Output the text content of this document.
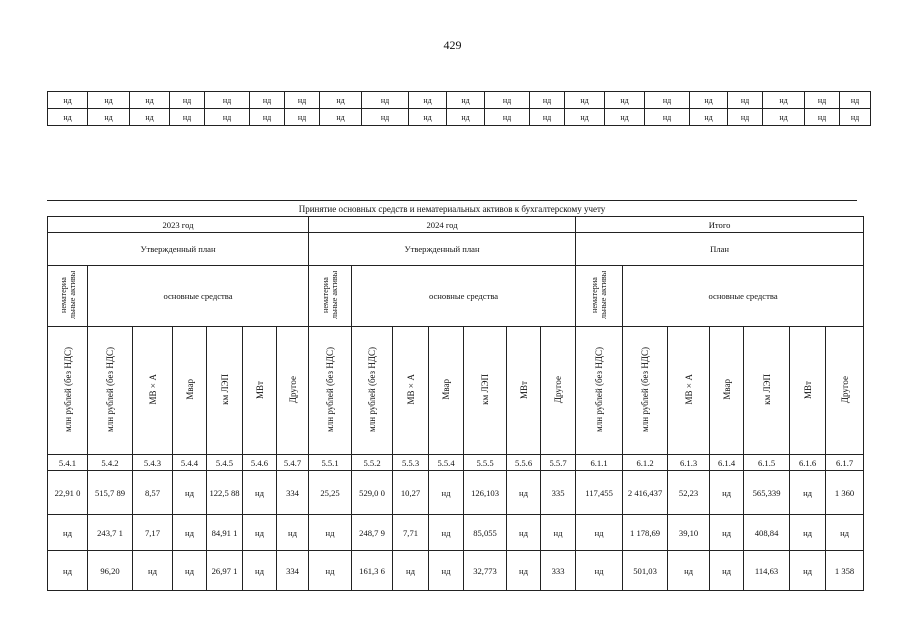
429
нд	нд	нд	нд	нд	нд	нд	нд	нд	нд	нд	нд	нд	нд	нд	нд	нд	нд	нд	нд	нд
нд	нд	нд	нд	нд	нд	нд	нд	нд	нд	нд	нд	нд	нд	нд	нд	нд	нд	нд	нд	нд
Принятие основных средств и нематериальных активов к бухгалтерскому учету
2023 год							2024 год							Итого						
Утвержденный план							Утвержденный план							План						
нематериа льные активы	основные средства						нематериа льные активы	основные средства						нематериа льные активы	основные средства					
млн рублей (без НДС)	млн рублей (без НДС)	МВ×А	Мвар	км ЛЭП	МВт	Другое	млн рублей (без НДС)	млн рублей (без НДС)	МВ×А	Мвар	км ЛЭП	МВт	Другое	млн рублей (без НДС)	млн рублей (без НДС)	МВ×А	Мвар	км ЛЭП	МВт	Другое
5.4.1	5.4.2	5.4.3	5.4.4	5.4.5	5.4.6	5.4.7	5.5.1	5.5.2	5.5.3	5.5.4	5.5.5	5.5.6	5.5.7	6.1.1	6.1.2	6.1.3	6.1.4	6.1.5	6.1.6	6.1.7

22,91 0	515,7 89	8,57	нд	122,5 88	нд	334	25,25	529,0 0	10,27	нд	126,103	нд	335	117,455	2 416,437	52,23	нд	565,339	нд	1 360

нд	243,7 1	7,17	нд	84,91 1	нд	нд	нд	248,7 9	7,71	нд	85,055	нд	нд	нд	1 178,69	39,10	нд	408,84	нд	нд

нд	96,20	нд	нд	26,97 1	нд	334	нд	161,3 6	нд	нд	32,773	нд	333	нд	501,03	нд	нд	114,63	нд	1 358
